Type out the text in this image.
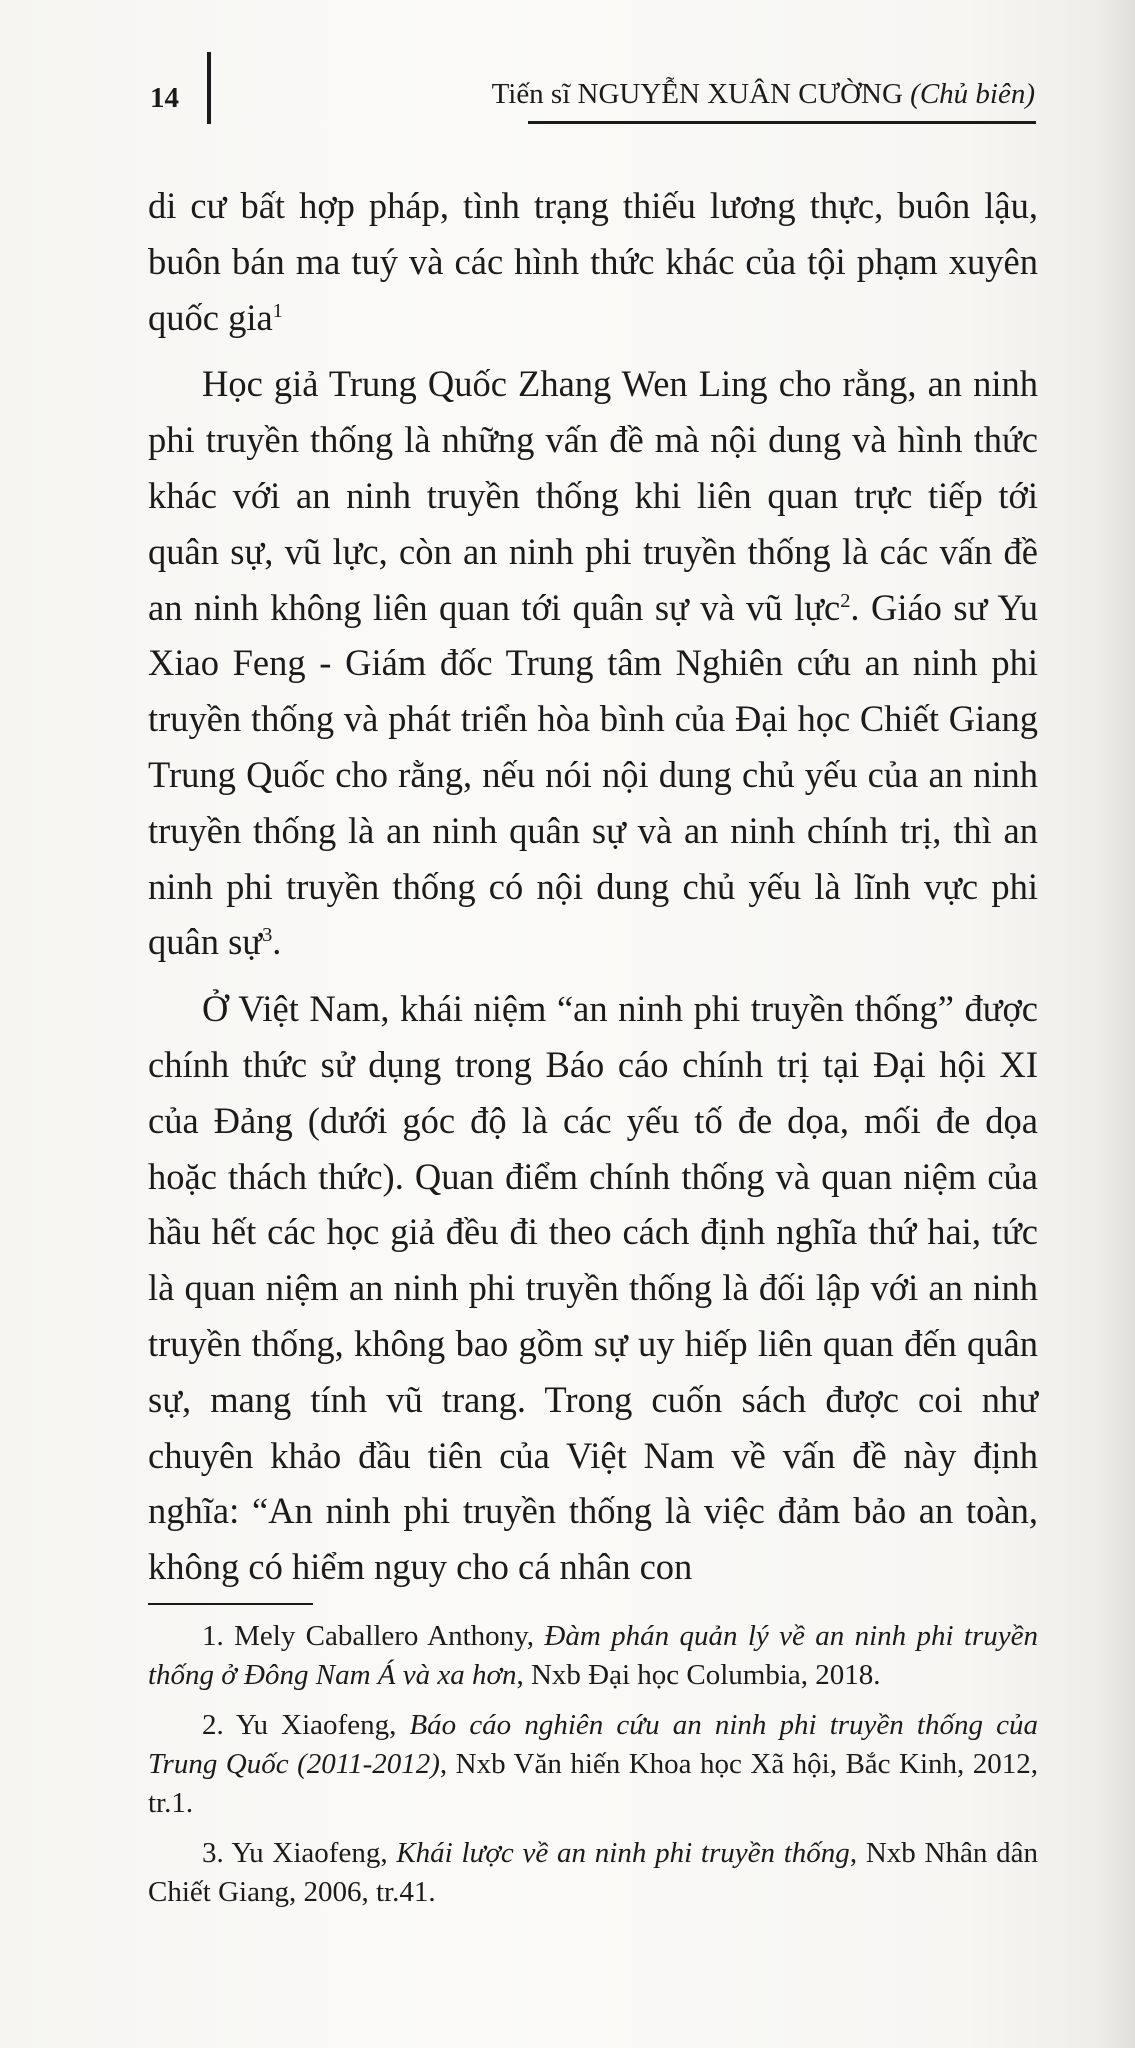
14	Tiến sĩ NGUYỄN XUÂN CƯỜNG (Chủ biên)

di cư bất hợp pháp, tình trạng thiếu lương thực, buôn lậu, buôn bán ma tuý và các hình thức khác của tội phạm xuyên quốc gia$^1$

Học giả Trung Quốc Zhang Wen Ling cho rằng, an ninh phi truyền thống là những vấn đề mà nội dung và hình thức khác với an ninh truyền thống khi liên quan trực tiếp tới quân sự, vũ lực, còn an ninh phi truyền thống là các vấn đề an ninh không liên quan tới quân sự và vũ lực$^2$. Giáo sư Yu Xiao Feng - Giám đốc Trung tâm Nghiên cứu an ninh phi truyền thống và phát triển hòa bình của Đại học Chiết Giang Trung Quốc cho rằng, nếu nói nội dung chủ yếu của an ninh truyền thống là an ninh quân sự và an ninh chính trị, thì an ninh phi truyền thống có nội dung chủ yếu là lĩnh vực phi quân sự$^3$.

Ở Việt Nam, khái niệm “an ninh phi truyền thống” được chính thức sử dụng trong Báo cáo chính trị tại Đại hội XI của Đảng (dưới góc độ là các yếu tố đe dọa, mối đe dọa hoặc thách thức). Quan điểm chính thống và quan niệm của hầu hết các học giả đều đi theo cách định nghĩa thứ hai, tức là quan niệm an ninh phi truyền thống là đối lập với an ninh truyền thống, không bao gồm sự uy hiếp liên quan đến quân sự, mang tính vũ trang. Trong cuốn sách được coi như chuyên khảo đầu tiên của Việt Nam về vấn đề này định nghĩa: “An ninh phi truyền thống là việc đảm bảo an toàn, không có hiểm nguy cho cá nhân con

1. Mely Caballero Anthony, Đàm phán quản lý về an ninh phi truyền thống ở Đông Nam Á và xa hơn, Nxb Đại học Columbia, 2018.

2. Yu Xiaofeng, Báo cáo nghiên cứu an ninh phi truyền thống của Trung Quốc (2011-2012), Nxb Văn hiến Khoa học Xã hội, Bắc Kinh, 2012, tr.1.

3. Yu Xiaofeng, Khái lược về an ninh phi truyền thống, Nxb Nhân dân Chiết Giang, 2006, tr.41.
